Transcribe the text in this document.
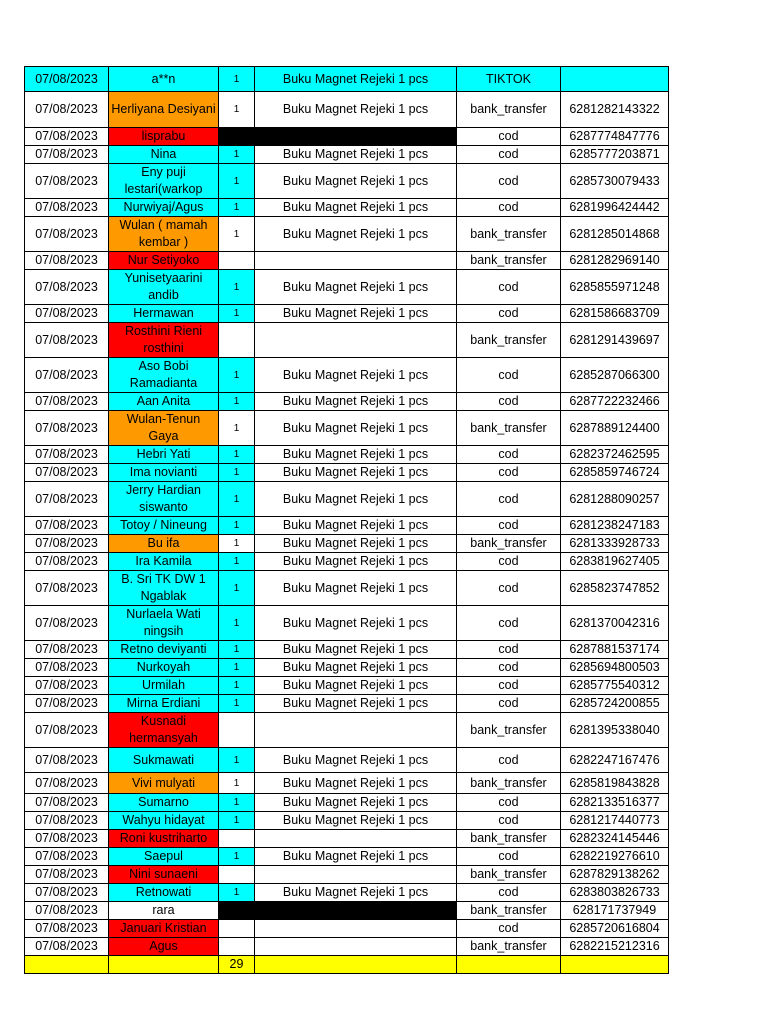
07/08/2023	a**n	1	Buku Magnet Rejeki 1 pcs	TIKTOK	
07/08/2023	Herliyana Desiyani	1	Buku Magnet Rejeki 1 pcs	bank_transfer	6281282143322
07/08/2023	lisprabu			cod	6287774847776
07/08/2023	Nina	1	Buku Magnet Rejeki 1 pcs	cod	6285777203871
07/08/2023	Eny puji lestari(warkop	1	Buku Magnet Rejeki 1 pcs	cod	6285730079433
07/08/2023	Nurwiyaj/Agus	1	Buku Magnet Rejeki 1 pcs	cod	6281996424442
07/08/2023	Wulan ( mamah kembar )	1	Buku Magnet Rejeki 1 pcs	bank_transfer	6281285014868
07/08/2023	Nur Setiyoko			bank_transfer	6281282969140
07/08/2023	Yunisetyaarini andib	1	Buku Magnet Rejeki 1 pcs	cod	6285855971248
07/08/2023	Hermawan	1	Buku Magnet Rejeki 1 pcs	cod	6281586683709
07/08/2023	Rosthini Rieni rosthini			bank_transfer	6281291439697
07/08/2023	Aso Bobi Ramadianta	1	Buku Magnet Rejeki 1 pcs	cod	6285287066300
07/08/2023	Aan Anita	1	Buku Magnet Rejeki 1 pcs	cod	6287722232466
07/08/2023	Wulan-Tenun Gaya	1	Buku Magnet Rejeki 1 pcs	bank_transfer	6287889124400
07/08/2023	Hebri Yati	1	Buku Magnet Rejeki 1 pcs	cod	6282372462595
07/08/2023	Ima novianti	1	Buku Magnet Rejeki 1 pcs	cod	6285859746724
07/08/2023	Jerry Hardian siswanto	1	Buku Magnet Rejeki 1 pcs	cod	6281288090257
07/08/2023	Totoy / Nineung	1	Buku Magnet Rejeki 1 pcs	cod	6281238247183
07/08/2023	Bu ifa	1	Buku Magnet Rejeki 1 pcs	bank_transfer	6281333928733
07/08/2023	Ira Kamila	1	Buku Magnet Rejeki 1 pcs	cod	6283819627405
07/08/2023	B. Sri TK DW 1 Ngablak	1	Buku Magnet Rejeki 1 pcs	cod	6285823747852
07/08/2023	Nurlaela Wati ningsih	1	Buku Magnet Rejeki 1 pcs	cod	6281370042316
07/08/2023	Retno deviyanti	1	Buku Magnet Rejeki 1 pcs	cod	6287881537174
07/08/2023	Nurkoyah	1	Buku Magnet Rejeki 1 pcs	cod	6285694800503
07/08/2023	Urmilah	1	Buku Magnet Rejeki 1 pcs	cod	6285775540312
07/08/2023	Mirna Erdiani	1	Buku Magnet Rejeki 1 pcs	cod	6285724200855
07/08/2023	Kusnadi hermansyah			bank_transfer	6281395338040
07/08/2023	Sukmawati	1	Buku Magnet Rejeki 1 pcs	cod	6282247167476
07/08/2023	Vivi mulyati	1	Buku Magnet Rejeki 1 pcs	bank_transfer	6285819843828
07/08/2023	Sumarno	1	Buku Magnet Rejeki 1 pcs	cod	6282133516377
07/08/2023	Wahyu hidayat	1	Buku Magnet Rejeki 1 pcs	cod	6281217440773
07/08/2023	Roni kustriharto			bank_transfer	6282324145446
07/08/2023	Saepul	1	Buku Magnet Rejeki 1 pcs	cod	6282219276610
07/08/2023	Nini sunaeni			bank_transfer	6287829138262
07/08/2023	Retnowati	1	Buku Magnet Rejeki 1 pcs	cod	6283803826733
07/08/2023	rara			bank_transfer	628171737949
07/08/2023	Januari Kristian			cod	6285720616804
07/08/2023	Agus			bank_transfer	6282215212316
		29			
